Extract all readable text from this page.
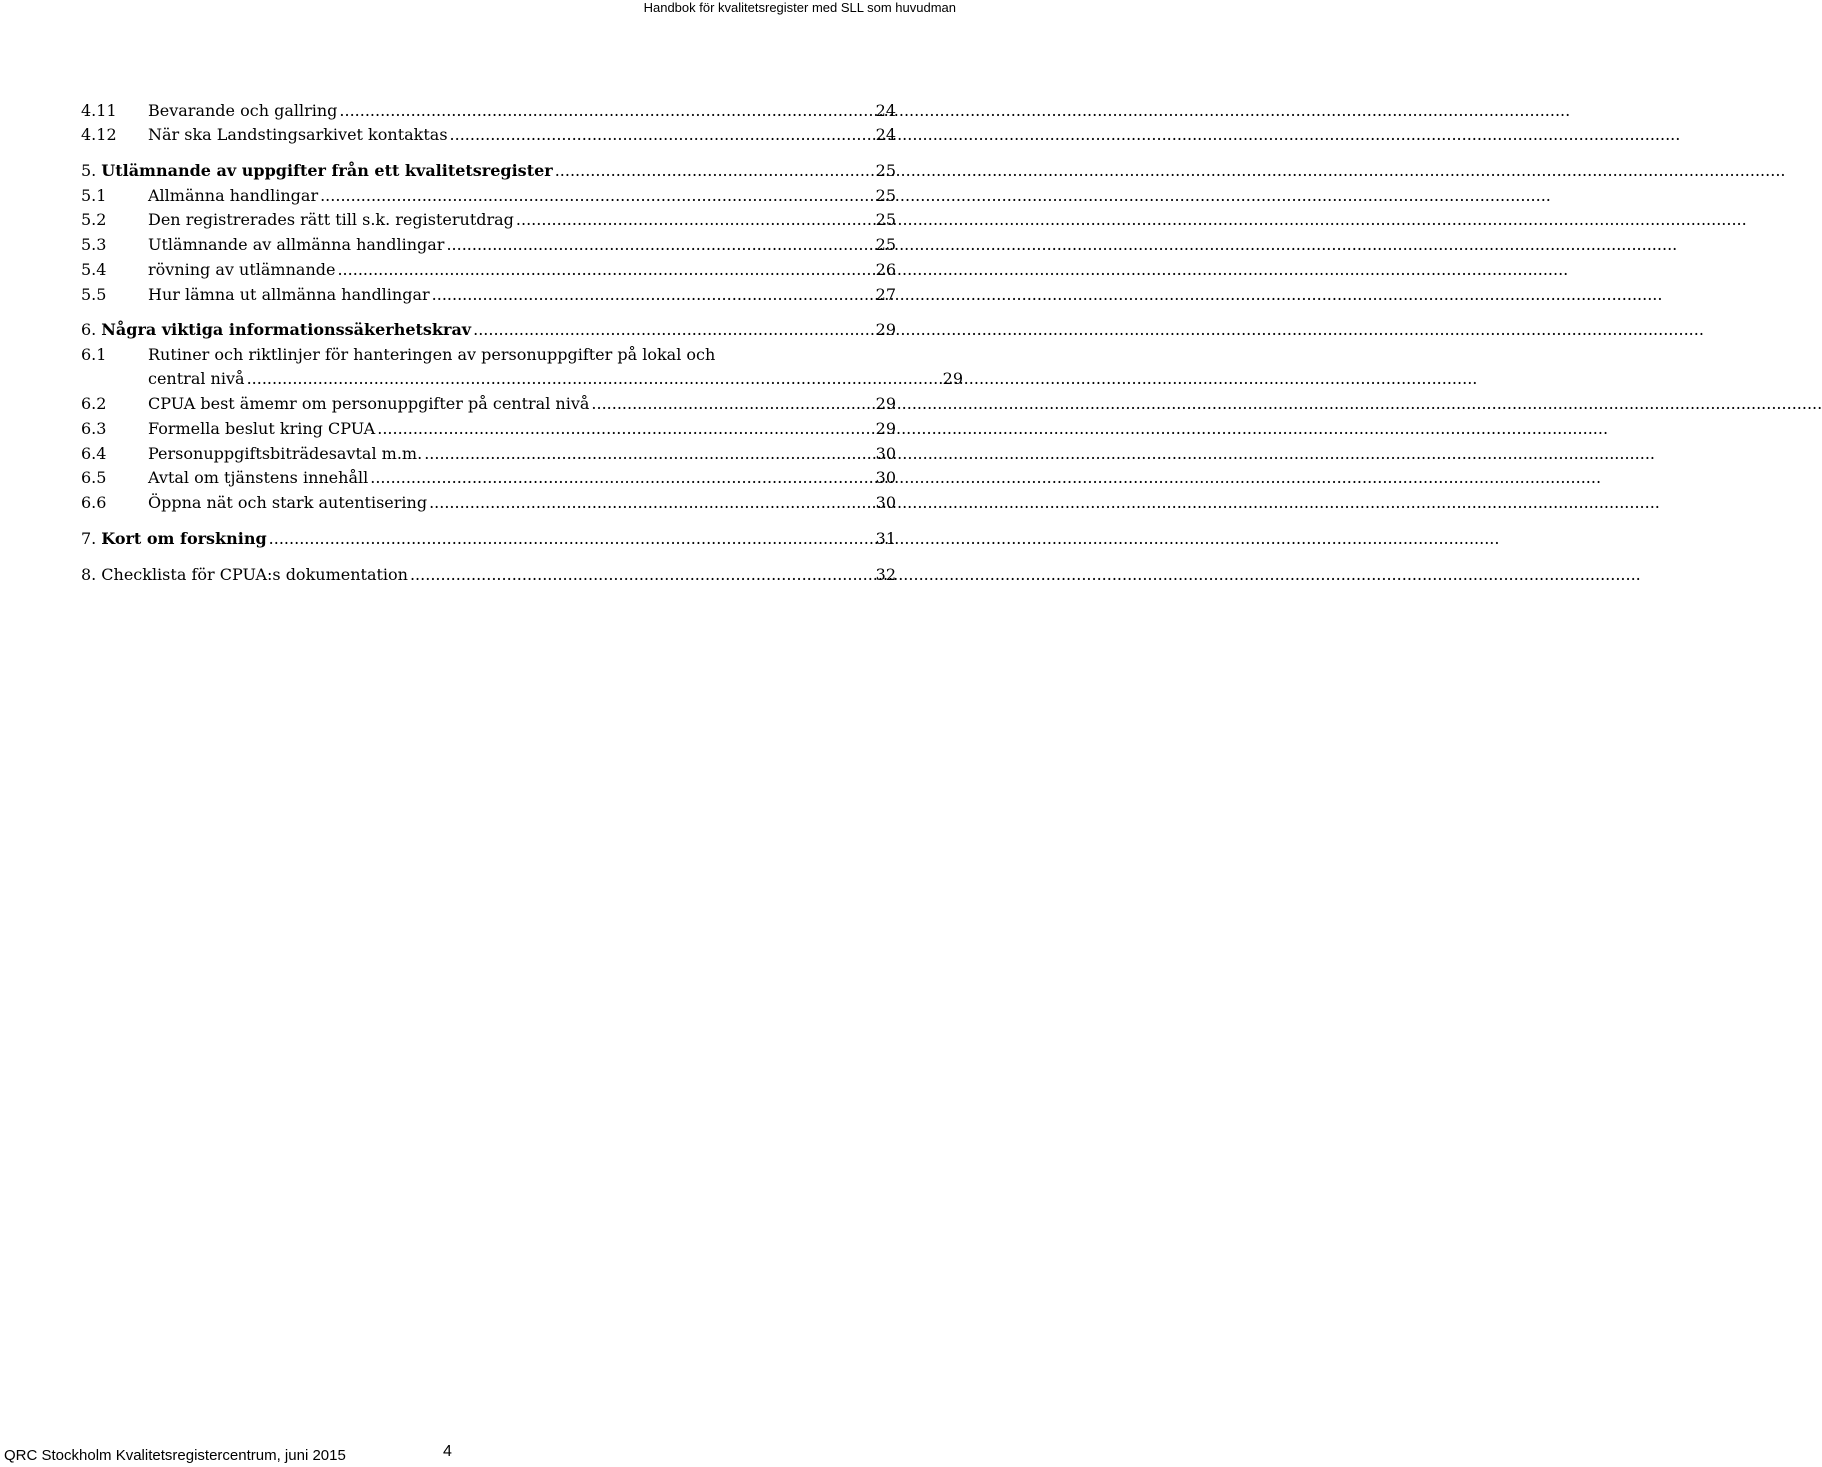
Handbok för kvalitetsregister med SLL som huvudman
4.11	Bevarande och gallring .....	24
4.12	När ska Landstingsarkivet kontaktas .....	24
5. Utlämnande av uppgifter från ett kvalitetsregister .....	25
5.1	Allmänna handlingar .....	25
5.2	Den registrerades rätt till s.k. registerutdrag .....	25
5.3	Utlämnande av allmänna handlingar .....	25
5.4	rövning av utlämnande .....	26
5.5	Hur lämna ut allmänna handlingar .....	27
6. Några viktiga informationssäkerhetskrav .....	29
6.1	Rutiner och riktlinjer för hanteringen av personuppgifter på lokal och
central nivå .....	29
6.2	CPUA best ämemr om personuppgifter på central nivå .....	29
6.3	Formella beslut kring CPUA .....	29
6.4	Personuppgiftsbiträdesavtal m.m. .....	30
6.5	Avtal om tjänstens innehåll .....	30
6.6	Öppna nät och stark autentisering .....	30
7. Kort om forskning .....	31
8. Checklista för CPUA:s dokumentation .....	32
QRC Stockholm Kvalitetsregistercentrum, juni 2015	4
